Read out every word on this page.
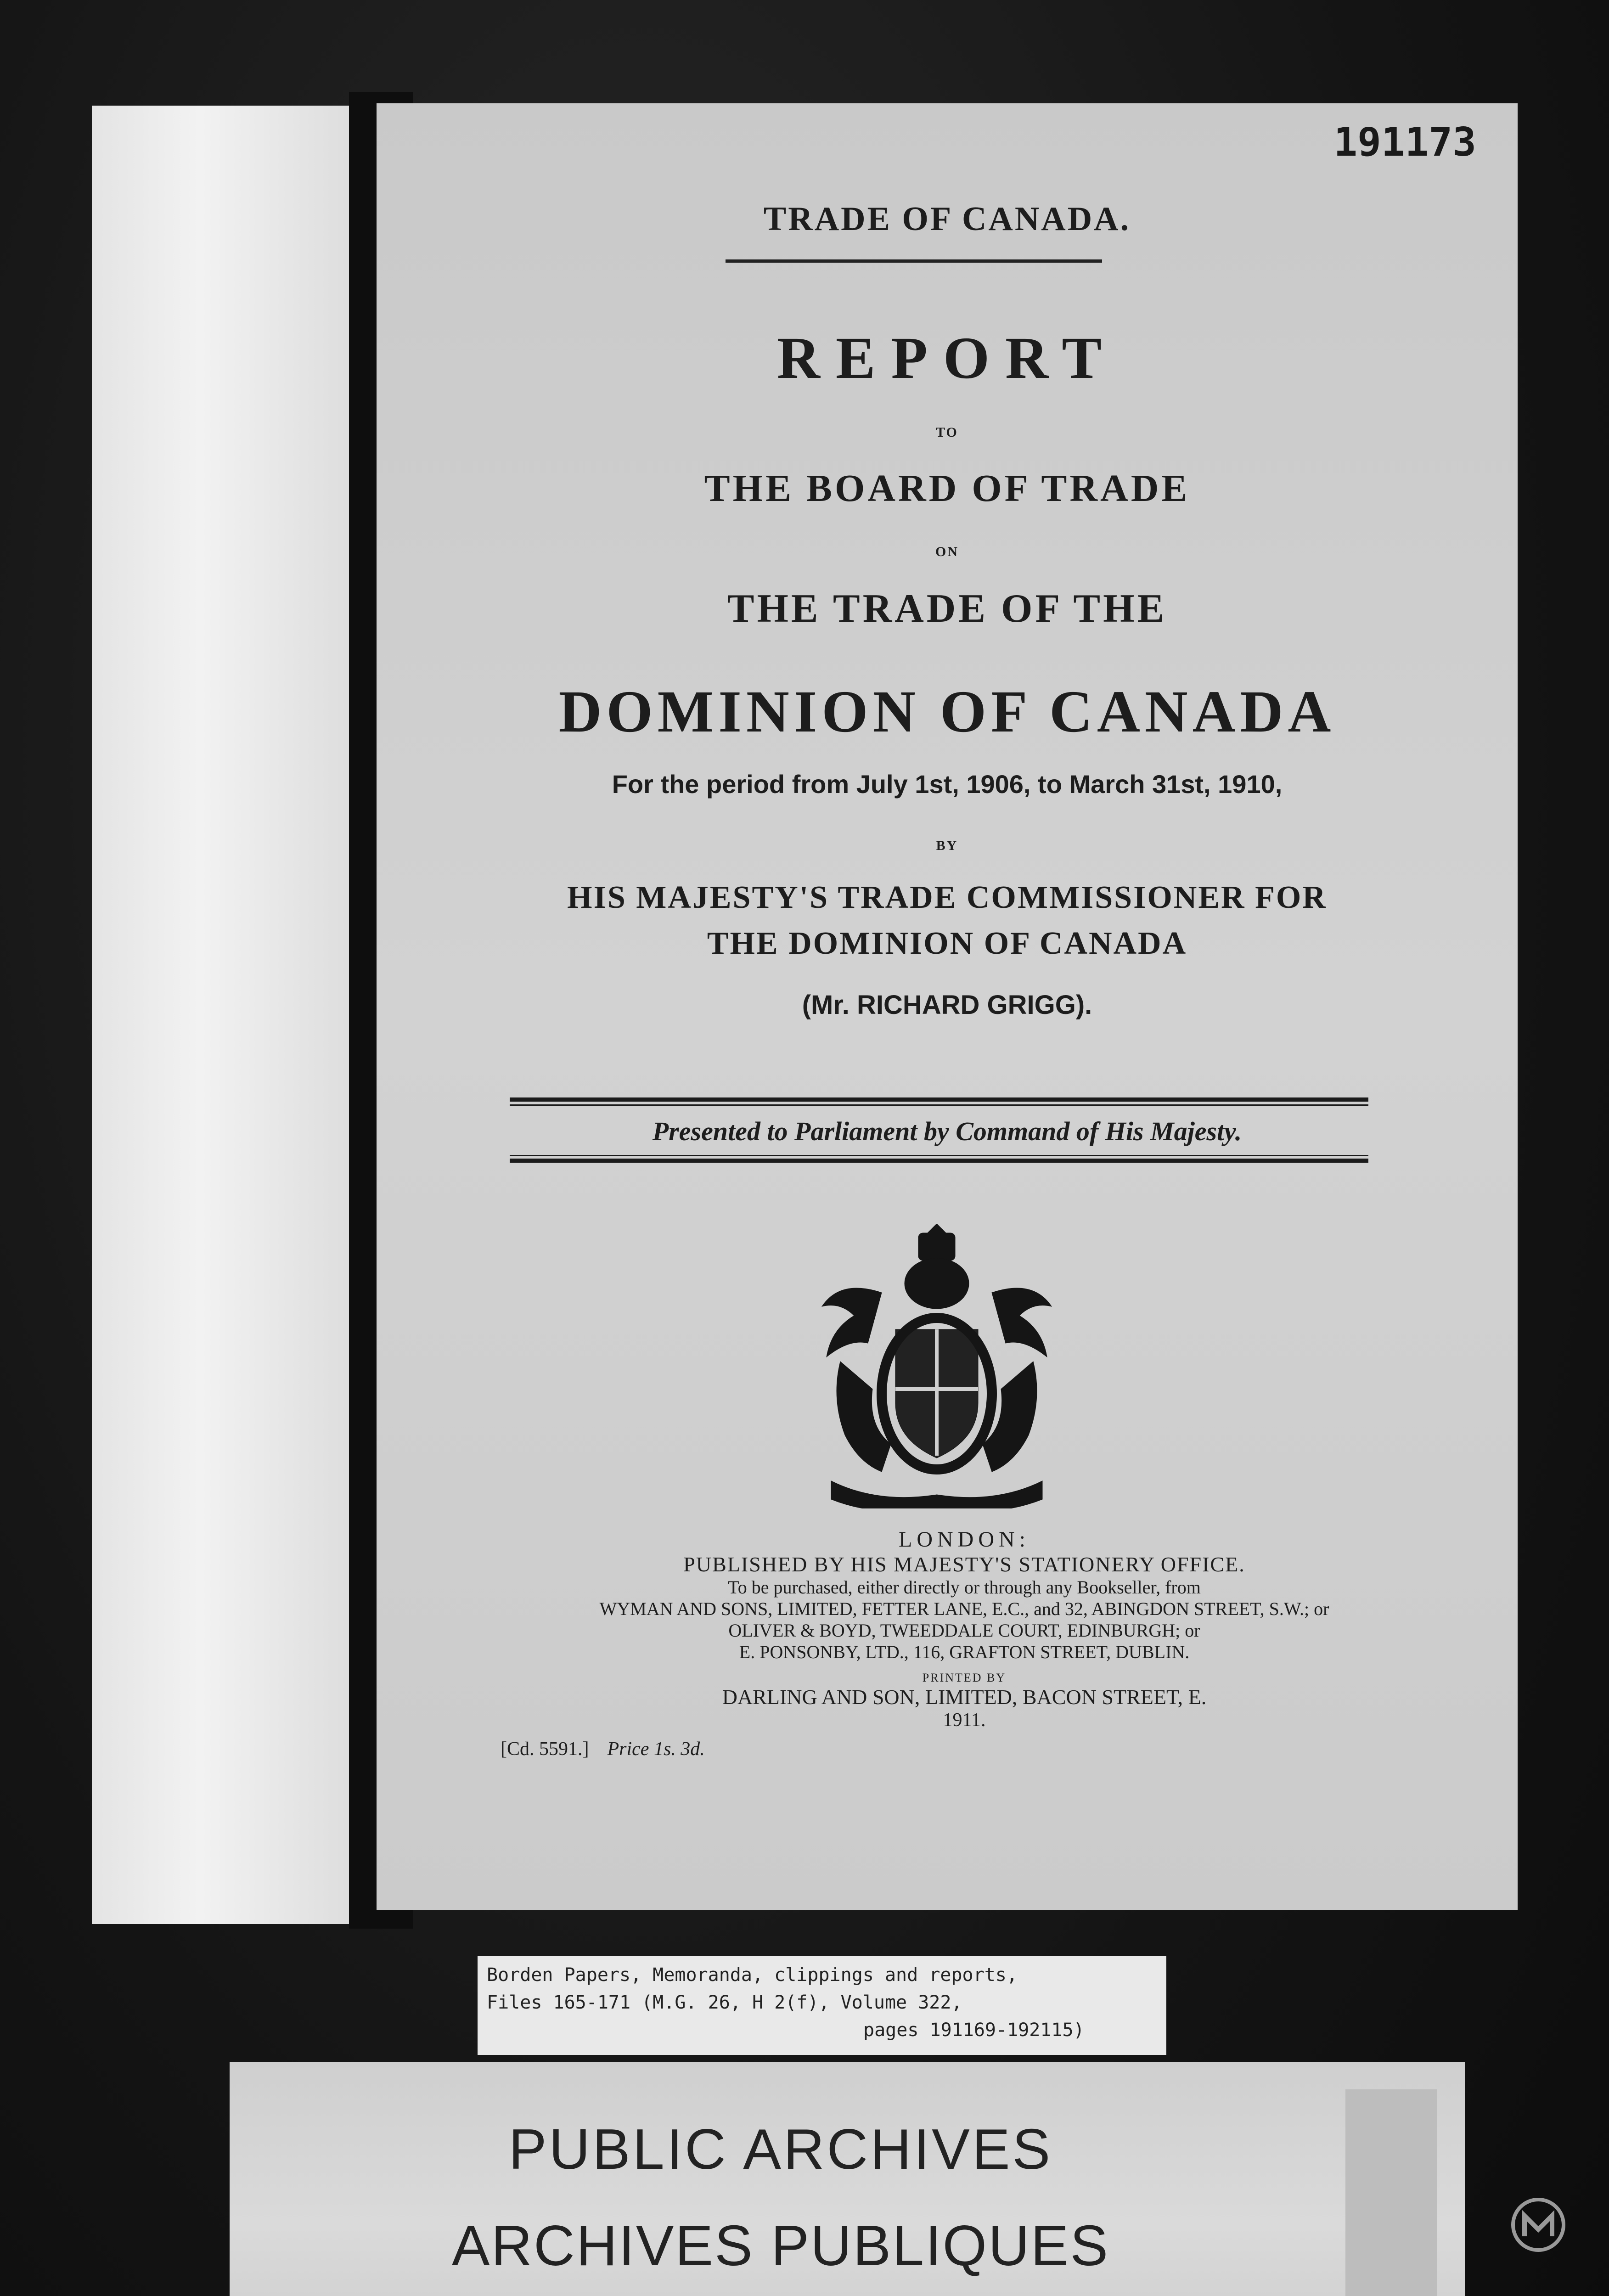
191173
TRADE OF CANADA.
REPORT
TO
THE BOARD OF TRADE
ON
THE TRADE OF THE
DOMINION OF CANADA
For the period from July 1st, 1906, to March 31st, 1910,
BY
HIS MAJESTY'S TRADE COMMISSIONER FOR
THE DOMINION OF CANADA
(Mr. RICHARD GRIGG).
Presented to Parliament by Command of His Majesty.
LONDON:
PUBLISHED BY HIS MAJESTY'S STATIONERY OFFICE.
To be purchased, either directly or through any Bookseller, from
WYMAN AND SONS, LIMITED, FETTER LANE, E.C., and 32, ABINGDON STREET, S.W.; or
OLIVER & BOYD, TWEEDDALE COURT, EDINBURGH; or
E. PONSONBY, LTD., 116, GRAFTON STREET, DUBLIN.
PRINTED BY
DARLING AND SON, LIMITED, BACON STREET, E.
1911.
[Cd. 5591.] Price 1s. 3d.
Borden Papers, Memoranda, clippings and reports,
Files 165-171 (M.G. 26, H 2(f), Volume 322,
pages 191169-192115)
PUBLIC ARCHIVES
ARCHIVES PUBLIQUES
